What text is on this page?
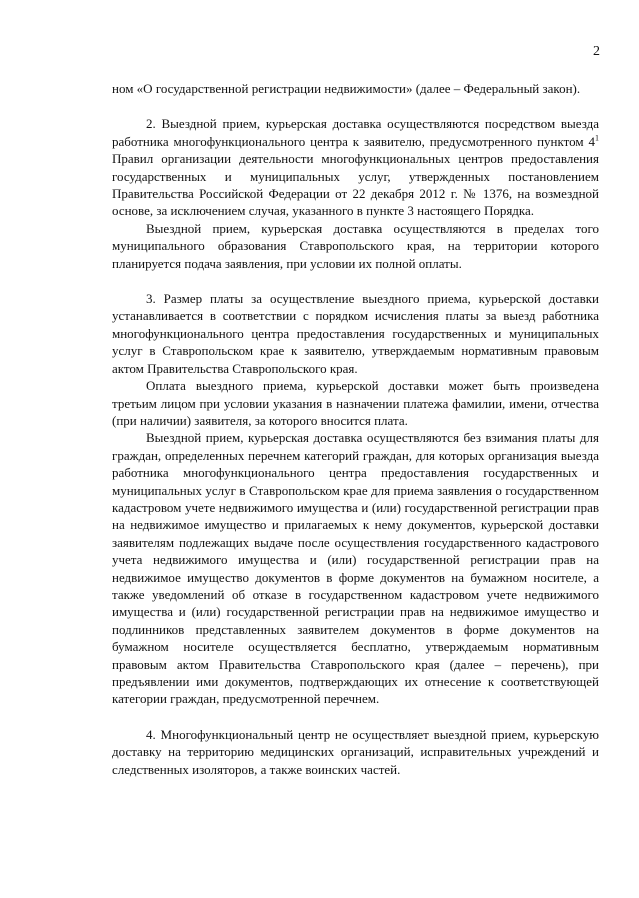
2

ном «О государственной регистрации недвижимости» (далее – Федеральный закон).

2. Выездной прием, курьерская доставка осуществляются посредством выезда работника многофункционального центра к заявителю, предусмотренного пунктом $4^1$ Правил организации деятельности многофункциональных центров предоставления государственных и муниципальных услуг, утвержденных постановлением Правительства Российской Федерации от 22 декабря 2012 г. № 1376, на возмездной основе, за исключением случая, указанного в пункте 3 настоящего Порядка.

Выездной прием, курьерская доставка осуществляются в пределах того муниципального образования Ставропольского края, на территории которого планируется подача заявления, при условии их полной оплаты.

3. Размер платы за осуществление выездного приема, курьерской доставки устанавливается в соответствии с порядком исчисления платы за выезд работника многофункционального центра предоставления государственных и муниципальных услуг в Ставропольском крае к заявителю, утверждаемым нормативным правовым актом Правительства Ставропольского края.

Оплата выездного приема, курьерской доставки может быть произведена третьим лицом при условии указания в назначении платежа фамилии, имени, отчества (при наличии) заявителя, за которого вносится плата.

Выездной прием, курьерская доставка осуществляются без взимания платы для граждан, определенных перечнем категорий граждан, для которых организация выезда работника многофункционального центра предоставления государственных и муниципальных услуг в Ставропольском крае для приема заявления о государственном кадастровом учете недвижимого имущества и (или) государственной регистрации прав на недвижимое имущество и прилагаемых к нему документов, курьерской доставки заявителям подлежащих выдаче после осуществления государственного кадастрового учета недвижимого имущества и (или) государственной регистрации прав на недвижимое имущество документов в форме документов на бумажном носителе, а также уведомлений об отказе в государственном кадастровом учете недвижимого имущества и (или) государственной регистрации прав на недвижимое имущество и подлинников представленных заявителем документов в форме документов на бумажном носителе осуществляется бесплатно, утверждаемым нормативным правовым актом Правительства Ставропольского края (далее – перечень), при предъявлении ими документов, подтверждающих их отнесение к соответствующей категории граждан, предусмотренной перечнем.

4. Многофункциональный центр не осуществляет выездной прием, курьерскую доставку на территорию медицинских организаций, исправительных учреждений и следственных изоляторов, а также воинских частей.
